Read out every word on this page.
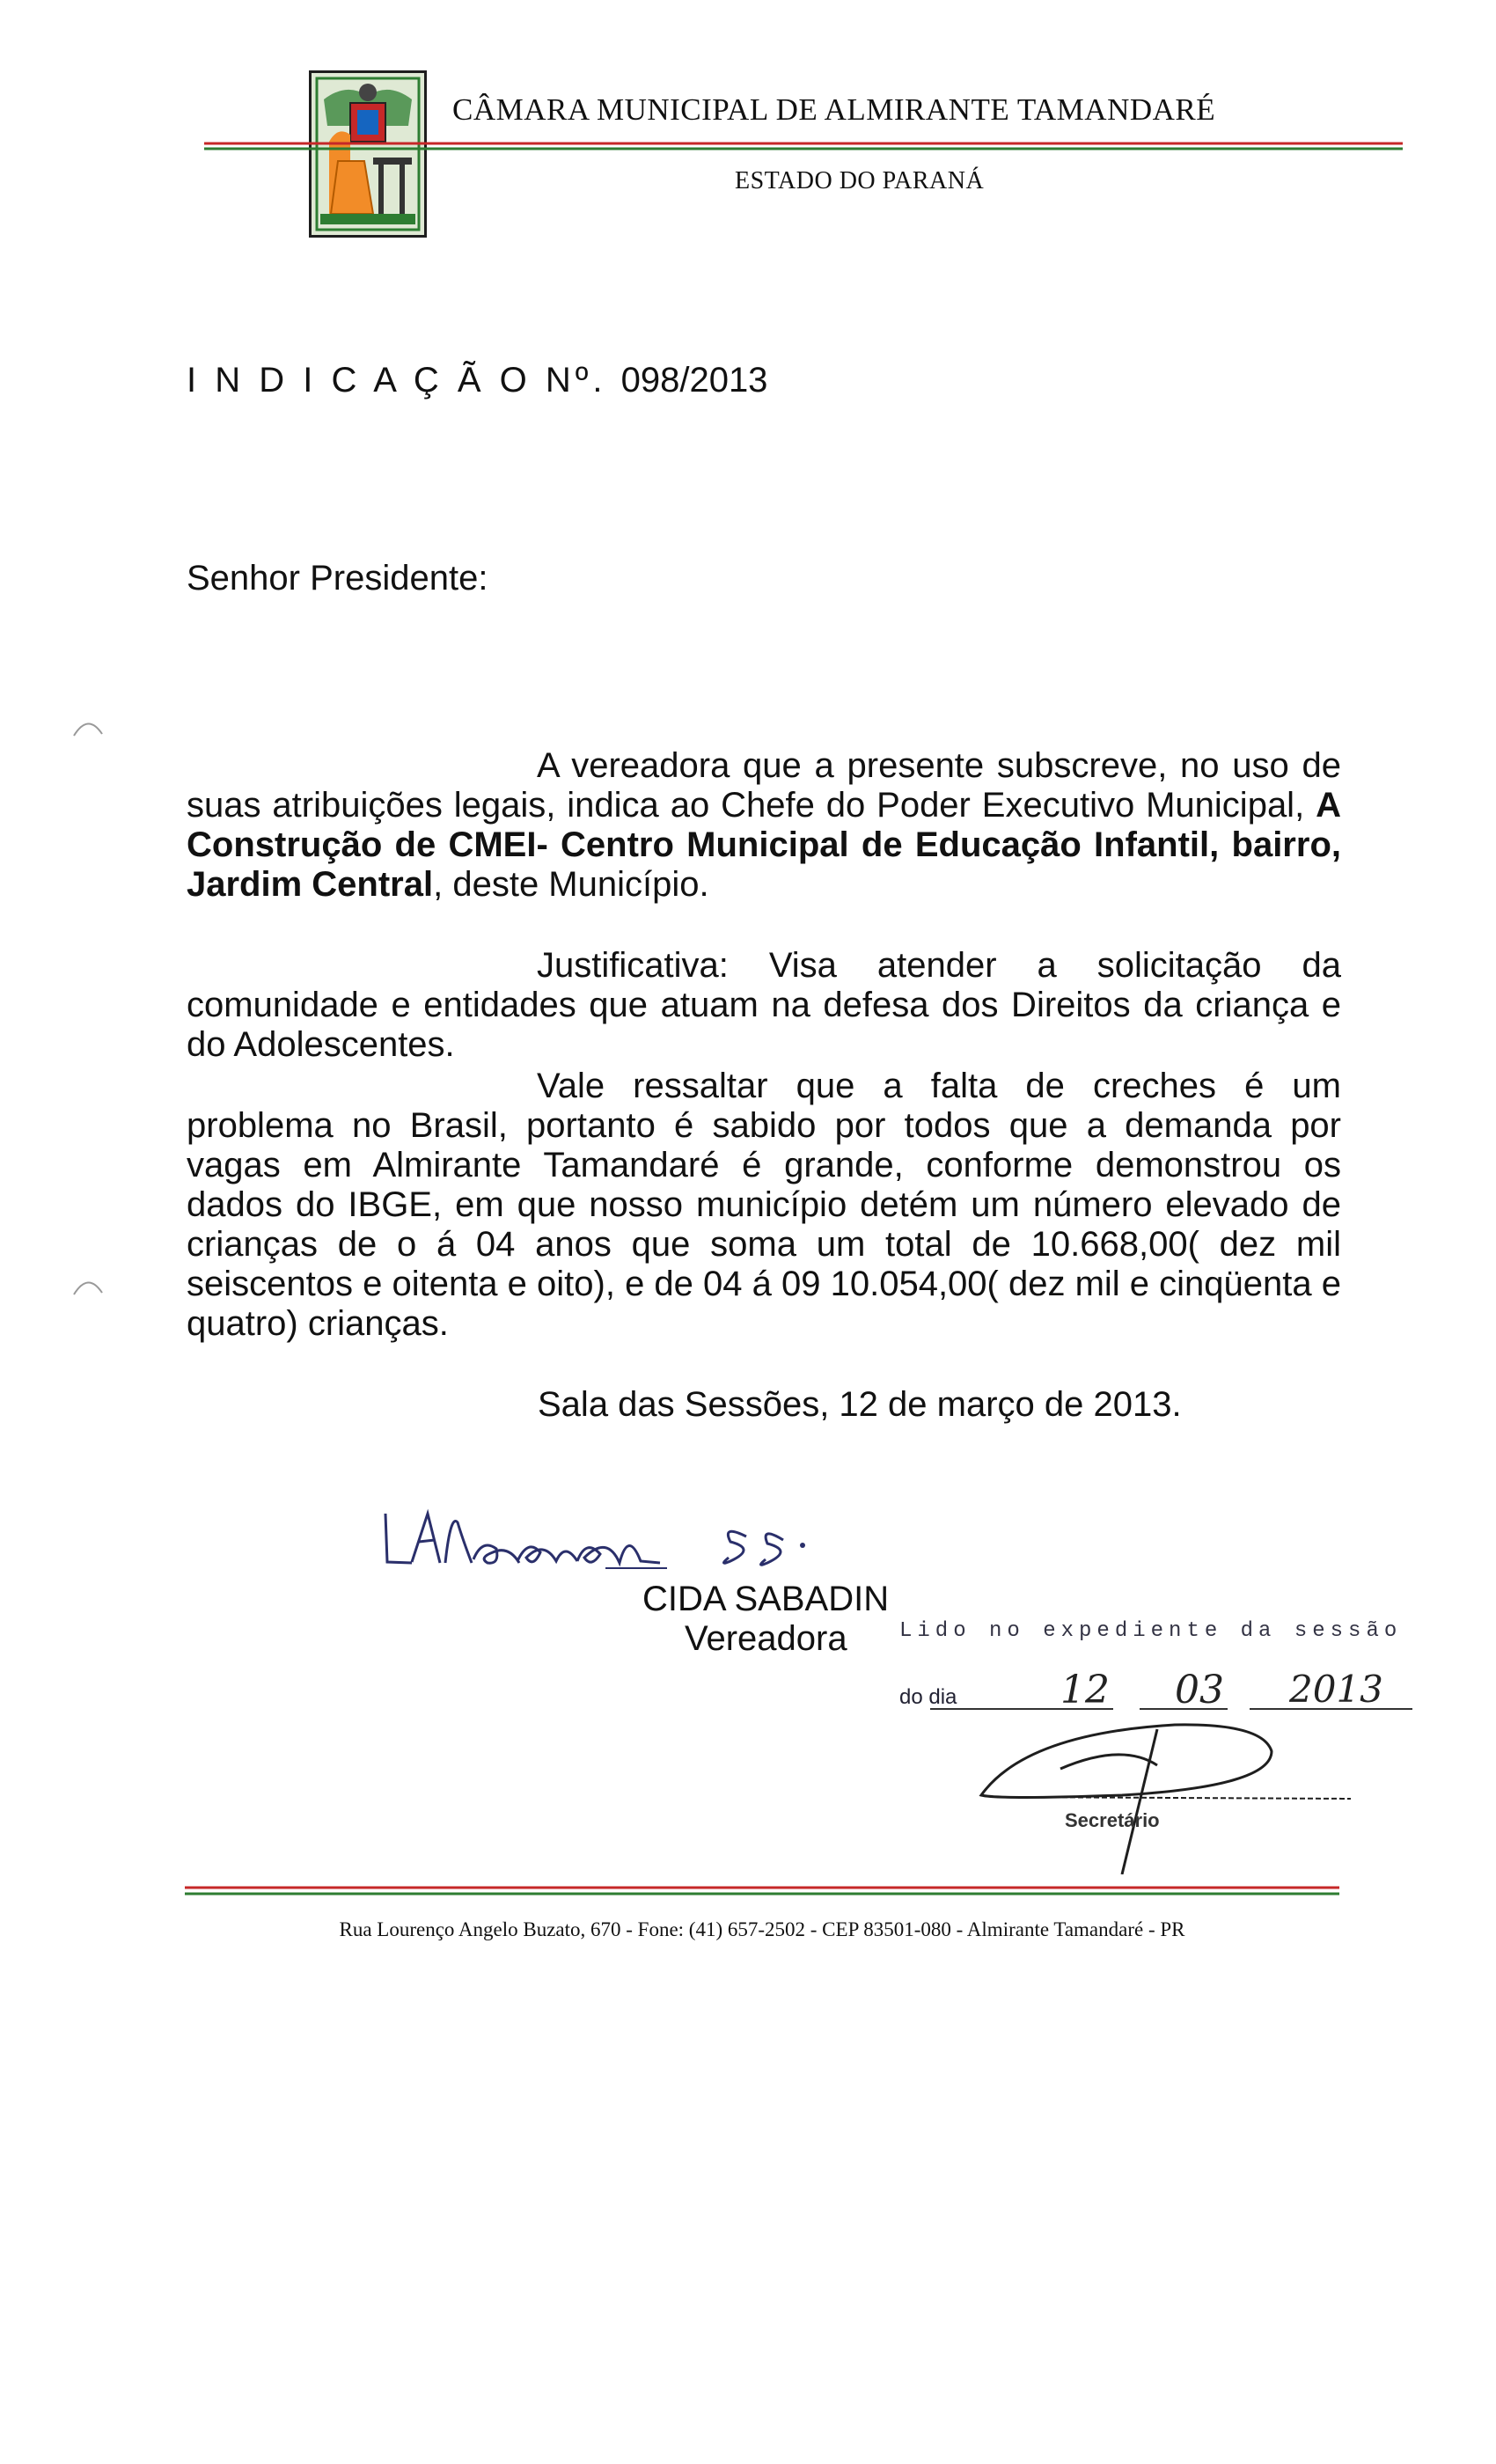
CÂMARA MUNICIPAL DE ALMIRANTE TAMANDARÉ
ESTADO DO PARANÁ
I N D I C A Ç Ã O Nº. 098/2013
Senhor Presidente:

A vereadora que a presente subscreve, no uso de suas atribuições legais, indica ao Chefe do Poder Executivo Municipal, A Construção de CMEI- Centro Municipal de Educação Infantil, bairro, Jardim Central, deste Município.

Justificativa: Visa atender a solicitação da comunidade e entidades que atuam na defesa dos Direitos da criança e do Adolescentes.

Vale ressaltar que a falta de creches é um problema no Brasil, portanto é sabido por todos que a demanda por vagas em Almirante Tamandaré é grande, conforme demonstrou os dados do IBGE, em que nosso município detém um número elevado de crianças de o á 04 anos que soma um total de 10.668,00( dez mil seiscentos e oitenta e oito), e de 04 á 09 10.054,00( dez mil e cinqüenta e quatro) crianças.

Sala das Sessões, 12 de março de 2013.
CIDA SABADIN
Vereadora Lido no expediente da sessão
do dia	12 03 2013
Secretário
Rua Lourenço Angelo Buzato, 670 - Fone: (41) 657-2502 - CEP 83501-080 - Almirante Tamandaré - PR
